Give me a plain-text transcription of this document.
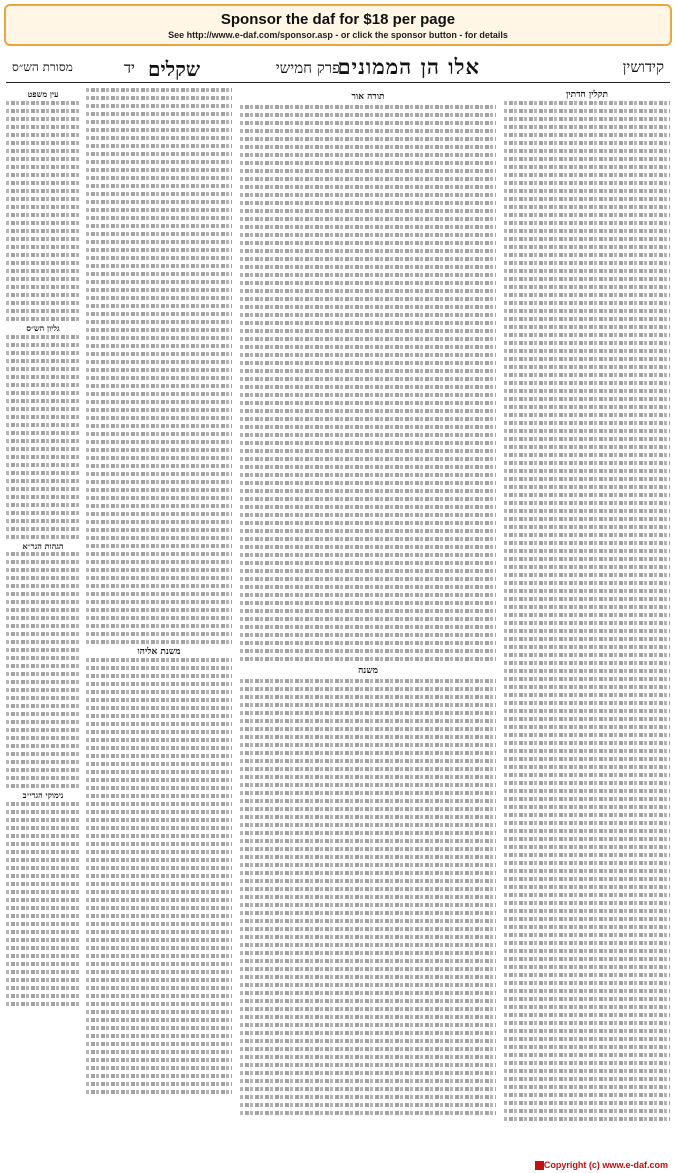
Sponsor the daf for $18 per page
See http://www.e-daf.com/sponsor.asp - or click the sponsor button - for details
קידושין
אלו הן הממונים
פרק חמישי
שקלים
יד
מסורת הש״ס
תקלין חדתין
תורה אור
משנה
משנת אליהו
עין משפט
גליון הש״ס
הגהות הגר״א
נימוקי הגרי״ב
Copyright (c) www.e-daf.com
